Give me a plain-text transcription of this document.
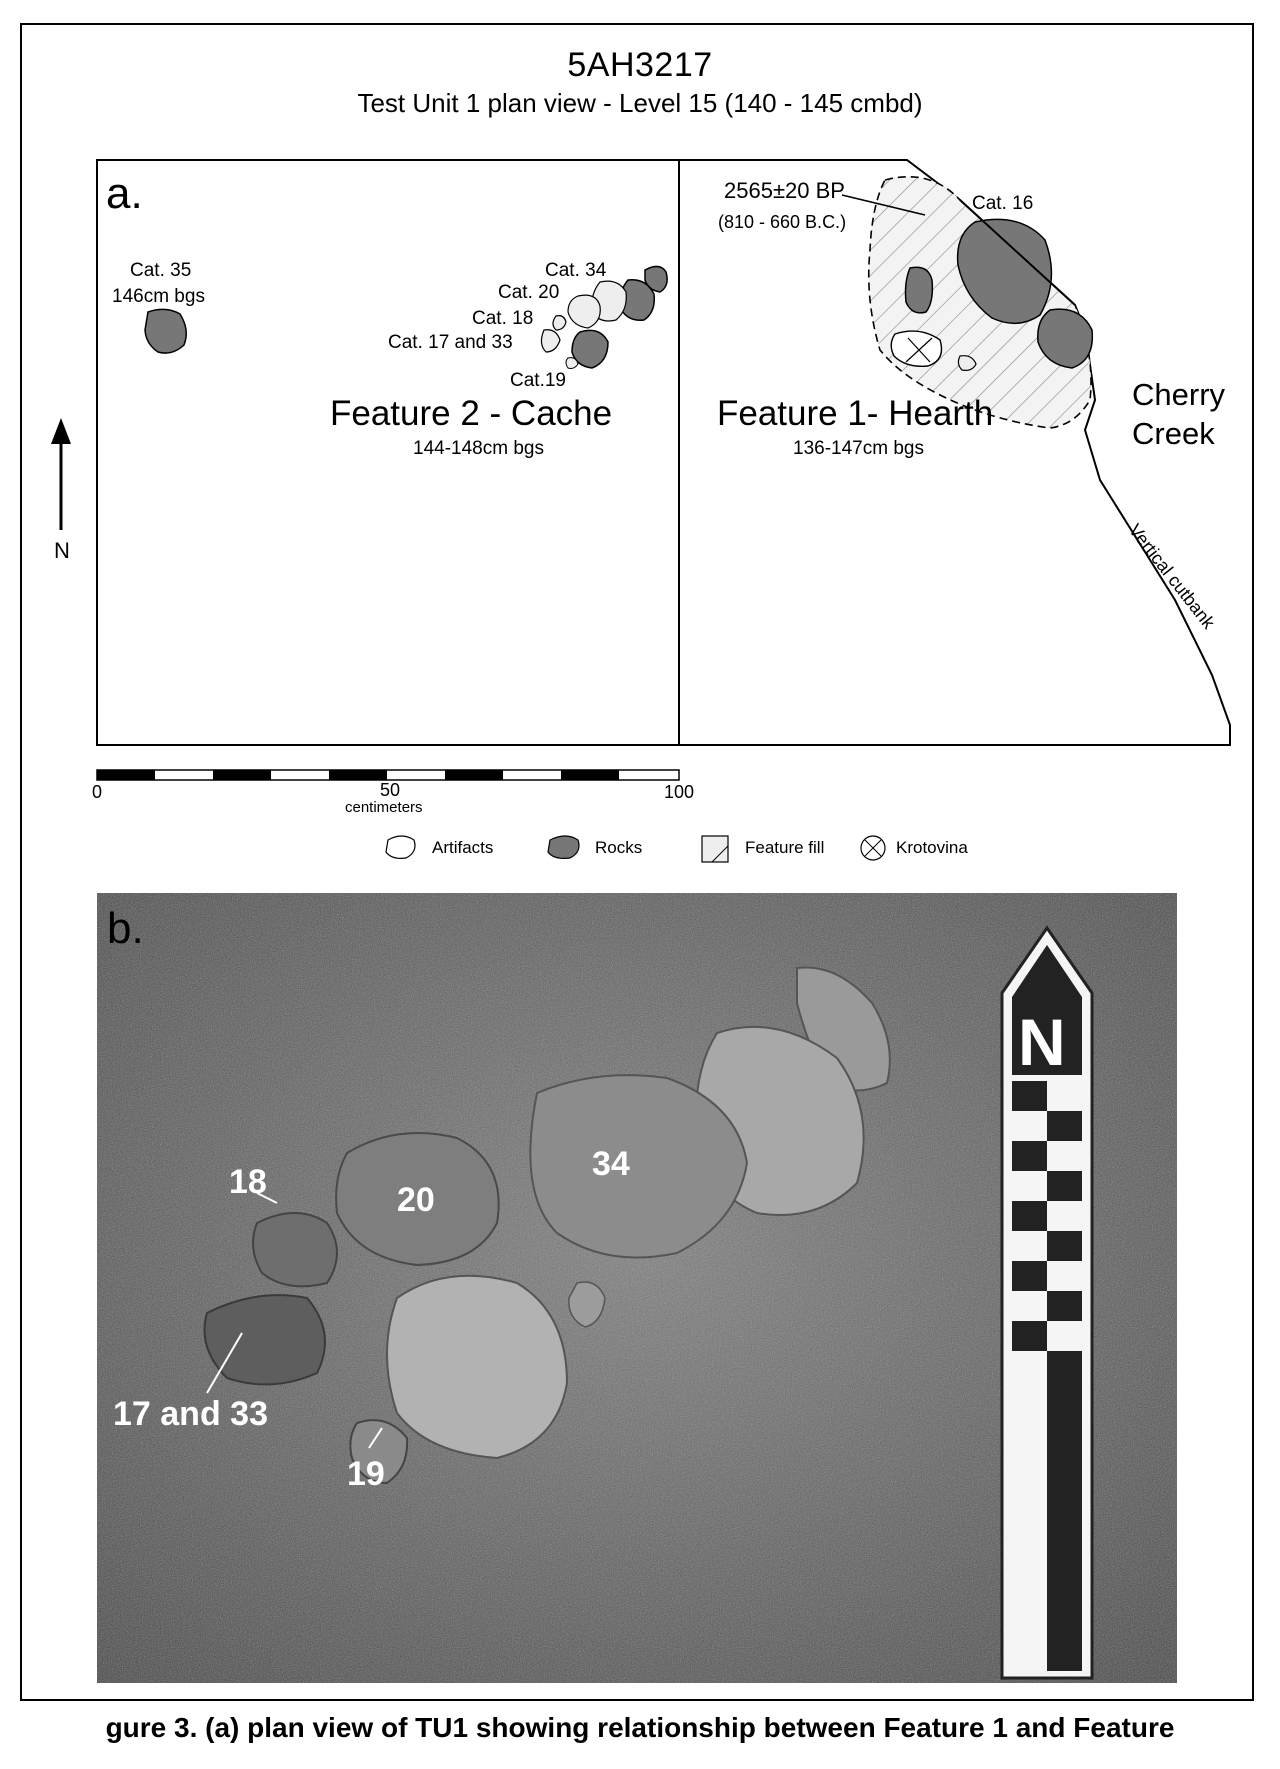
5AH3217
Test Unit 1 plan view - Level 15 (140 - 145 cmbd)
a.
N
Cat. 35
146cm bgs
Cat. 34
Cat. 20
Cat. 18
Cat. 17 and 33
Cat.19
Feature 2 - Cache
144-148cm bgs
2565±20 BP
(810 - 660 B.C.)
Cat. 16
Feature 1- Hearth
136-147cm bgs
Cherry
Creek
Vertical cutbank
0	50	100
centimeters
Artifacts	Rocks	Feature fill	Krotovina
b.
18	20
34
17 and 33
19
N
gure 3. (a) plan view of TU1 showing relationship between Feature 1 and Feature
